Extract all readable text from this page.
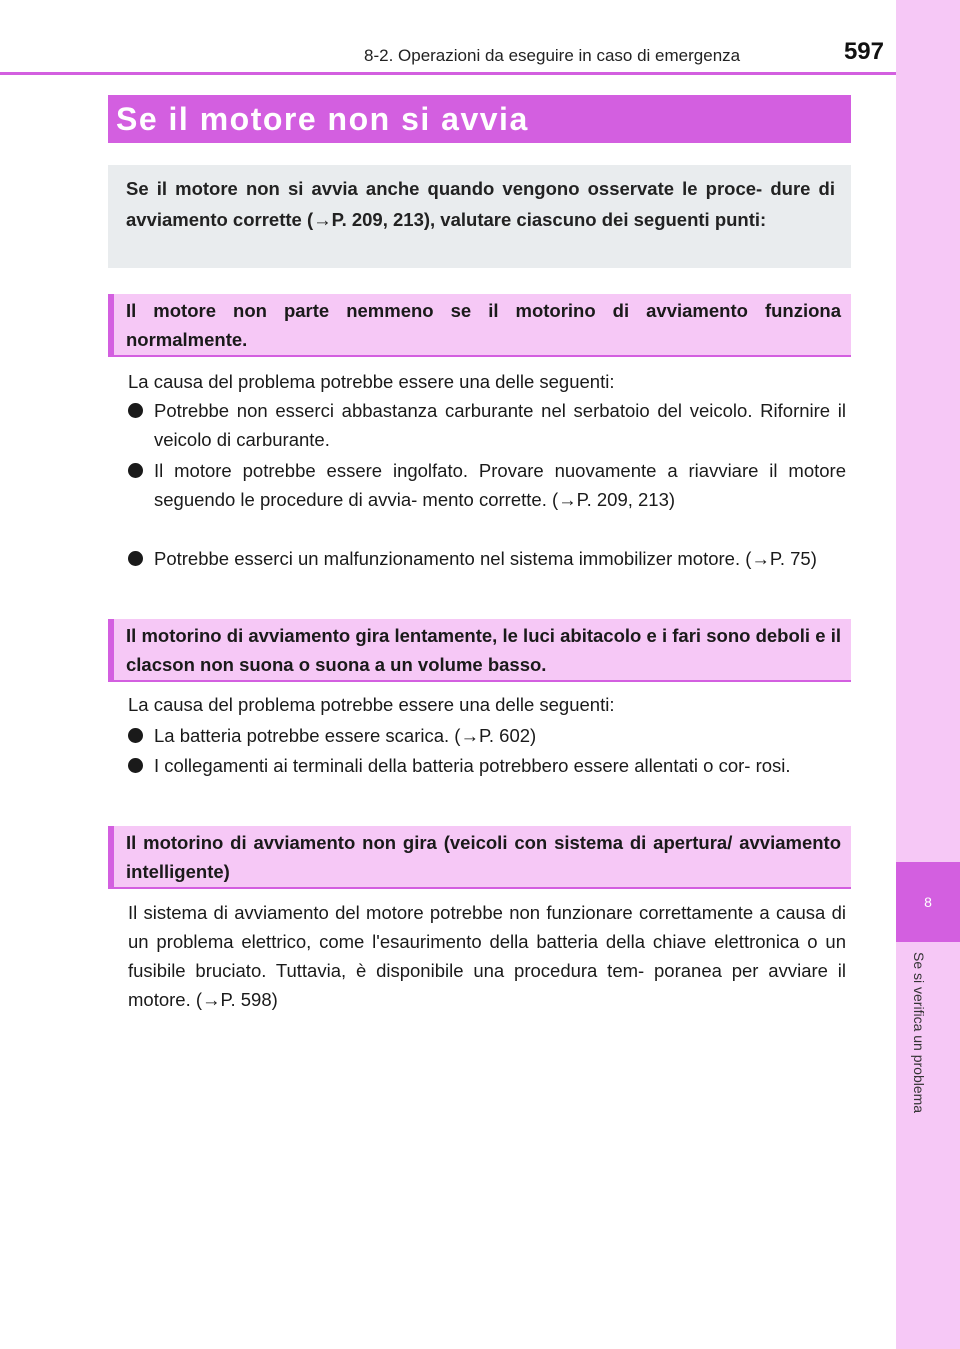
8-2. Operazioni da eseguire in caso di emergenza	597
8
Se si verifica un problema
Se il motore non si avvia
Se il motore non si avvia anche quando vengono osservate le proce- dure di avviamento corrette (→P. 209, 213), valutare ciascuno dei seguenti punti:
Il motore non parte nemmeno se il motorino di avviamento funziona normalmente.
La causa del problema potrebbe essere una delle seguenti:
Potrebbe non esserci abbastanza carburante nel serbatoio del veicolo. Rifornire il veicolo di carburante.
Il motore potrebbe essere ingolfato. Provare nuovamente a riavviare il motore seguendo le procedure di avvia- mento corrette. (→P. 209, 213)
Potrebbe esserci un malfunzionamento nel sistema immobilizer motore. (→P. 75)
Il motorino di avviamento gira lentamente, le luci abitacolo e i fari sono deboli e il clacson non suona o suona a un volume basso.
La causa del problema potrebbe essere una delle seguenti:
La batteria potrebbe essere scarica. (→P. 602)
I collegamenti ai terminali della batteria potrebbero essere allentati o cor- rosi.
Il motorino di avviamento non gira (veicoli con sistema di apertura/ avviamento intelligente)
Il sistema di avviamento del motore potrebbe non funzionare correttamente a causa di un problema elettrico, come l'esaurimento della batteria della chiave elettronica o un fusibile bruciato. Tuttavia, è disponibile una procedura tem- poranea per avviare il motore. (→P. 598)
